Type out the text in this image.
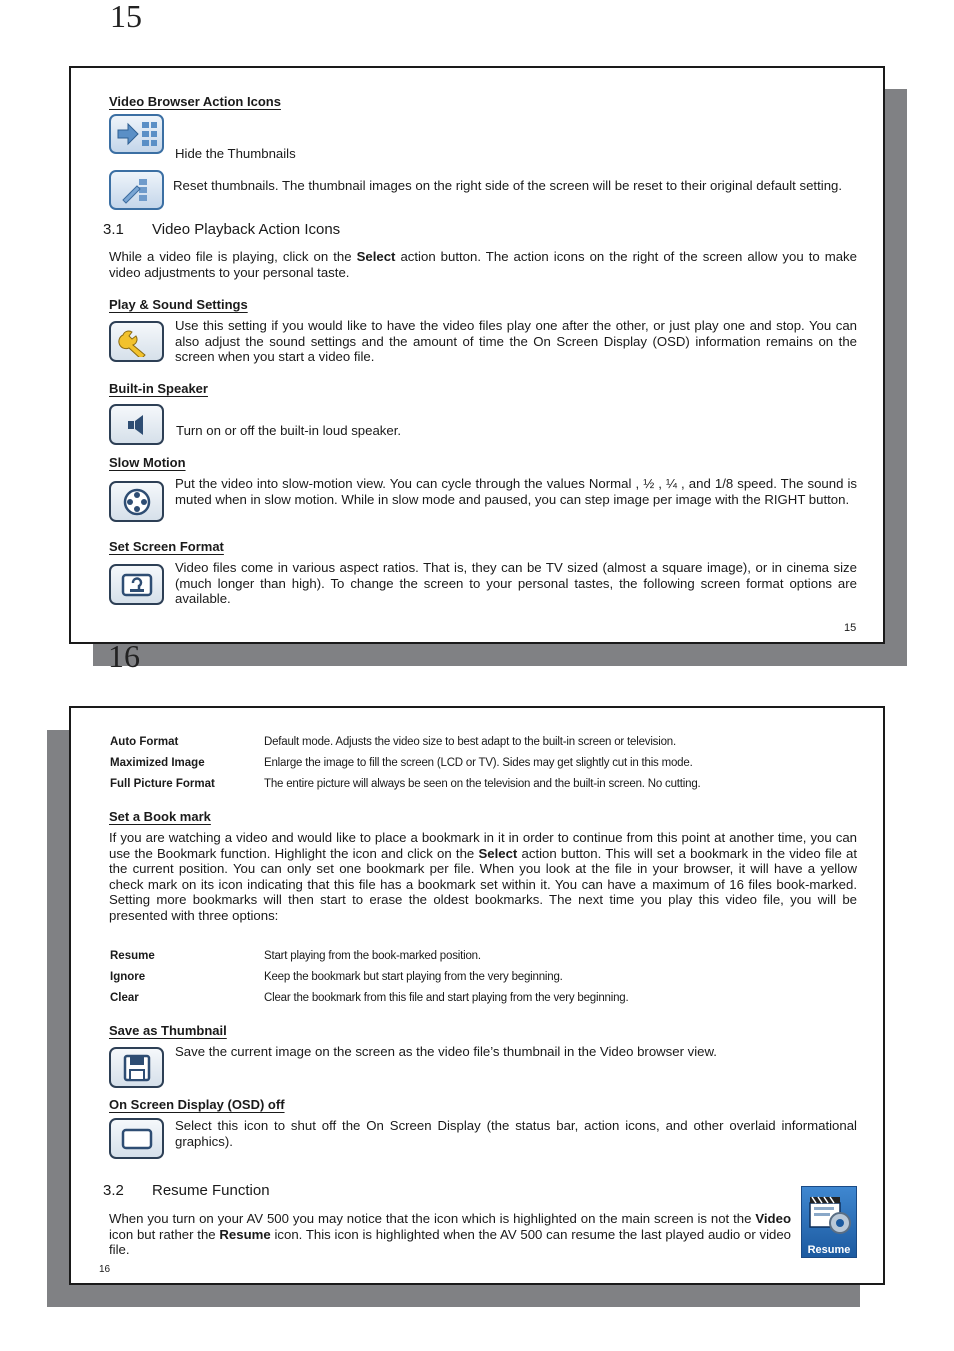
15
Video Browser Action Icons
Hide the Thumbnails
Reset thumbnails. The thumbnail images on the right side of the screen will be reset to their original default setting.
3.1 Video Playback Action Icons
While a video file is playing, click on the Select action button. The action icons on the right of the screen allow you to make video adjustments to your personal taste.
Play & Sound Settings
Use this setting if you would like to have the video files play one after the other, or just play one and stop. You can also adjust the sound settings and the amount of time the On Screen Display (OSD) information remains on the screen when you start a video file.
Built-in Speaker
Turn on or off the built-in loud speaker.
Slow Motion
Put the video into slow-motion view. You can cycle through the values Normal , ½ , ¼ , and 1/8 speed. The sound is muted when in slow motion. While in slow mode and paused, you can step image per image with the RIGHT button.
Set Screen Format
Video files come in various aspect ratios. That is, they can be TV sized (almost a square image), or in cinema size (much longer than high). To change the screen to your personal tastes, the following screen format options are available.
15
16
Auto Format	Default mode. Adjusts the video size to best adapt to the built-in screen or television.
Maximized Image	Enlarge the image to fill the screen (LCD or TV). Sides may get slightly cut in this mode.
Full Picture Format	The entire picture will always be seen on the television and the built-in screen. No cutting.
Set a Book mark
If you are watching a video and would like to place a bookmark in it in order to continue from this point at another time, you can use the Bookmark function. Highlight the icon and click on the Select action button. This will set a bookmark in the video file at the current position. You can only set one bookmark per file. When you look at the file in your browser, it will have a yellow check mark on its icon indicating that this file has a bookmark set within it. You can have a maximum of 16 files book-marked. Setting more bookmarks will then start to erase the oldest bookmarks. The next time you play this video file, you will be presented with three options:
Resume	Start playing from the book-marked position.
Ignore	Keep the bookmark but start playing from the very beginning.
Clear	Clear the bookmark from this file and start playing from the very beginning.
Save as Thumbnail
Save the current image on the screen as the video file’s thumbnail in the Video browser view.
On Screen Display (OSD) off
Select this icon to shut off the On Screen Display (the status bar, action icons, and other overlaid informational graphics).
3.2 Resume Function
When you turn on your AV 500 you may notice that the icon which is highlighted on the main screen is not the Video icon but rather the Resume icon. This icon is highlighted when the AV 500 can resume the last played audio or video file.	Resume
16
